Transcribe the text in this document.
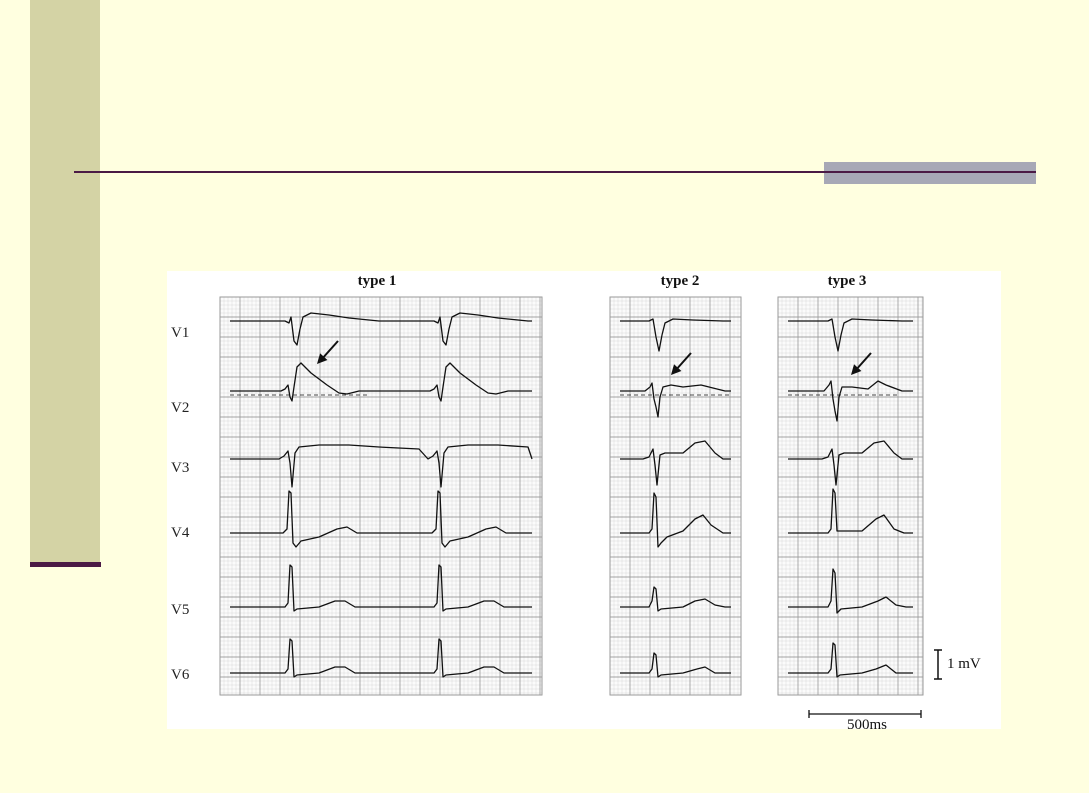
type 1	type 2	type 3
V1
V2
V3
V4
V5
V6
1 mV
500ms
